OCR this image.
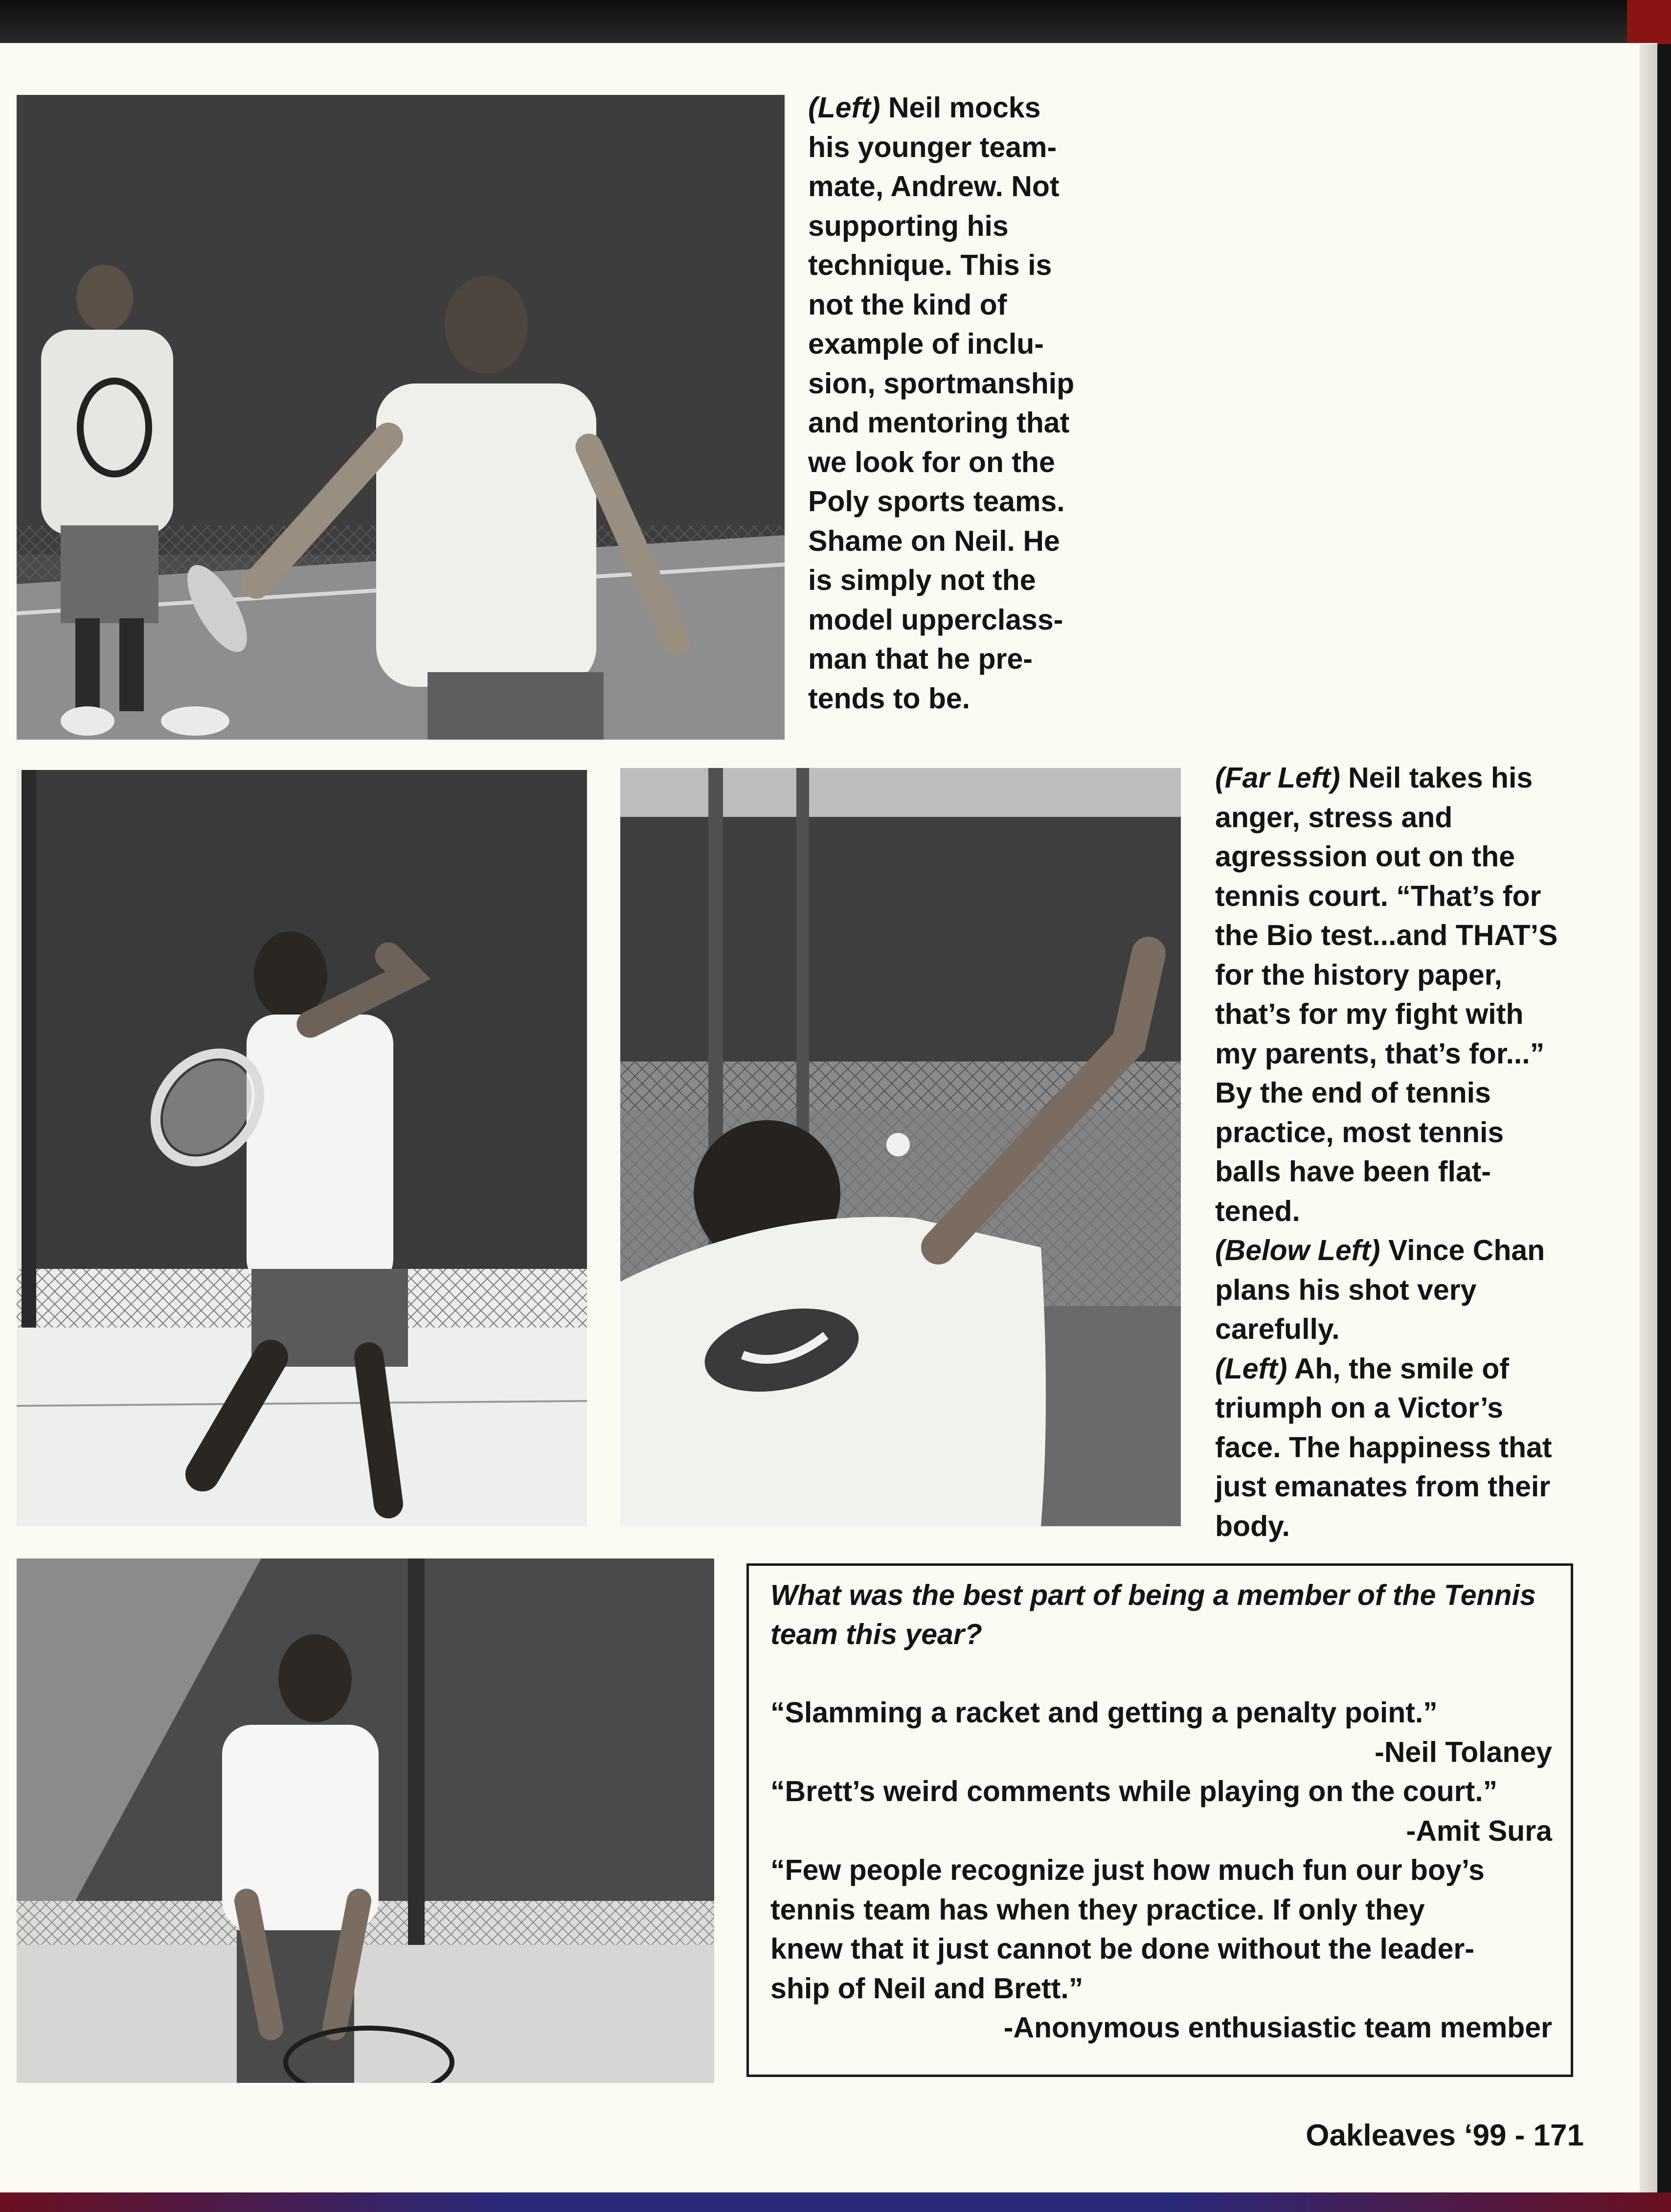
(Left) Neil mocks
his younger team-
mate, Andrew. Not
supporting his
technique. This is
not the kind of
example of inclu-
sion, sportmanship
and mentoring that
we look for on the
Poly sports teams.
Shame on Neil. He
is simply not the
model upperclass-
man that he pre-
tends to be.
(Far Left) Neil takes his
anger, stress and
agresssion out on the
tennis court. “That’s for
the Bio test...and THAT’S
for the history paper,
that’s for my fight with
my parents, that’s for...”
By the end of tennis
practice, most tennis
balls have been flat-
tened.
(Below Left) Vince Chan
plans his shot very
carefully.
(Left) Ah, the smile of
triumph on a Victor’s
face. The happiness that
just emanates from their
body.

What was the best part of being a member of the Tennis
team this year?

“Slamming a racket and getting a penalty point.”

-Neil Tolaney

“Brett’s weird comments while playing on the court.”

-Amit Sura

“Few people recognize just how much fun our boy’s
tennis team has when they practice. If only they
knew that it just cannot be done without the leader-
ship of Neil and Brett.”

-Anonymous enthusiastic team member

Oakleaves ‘99 - 171
